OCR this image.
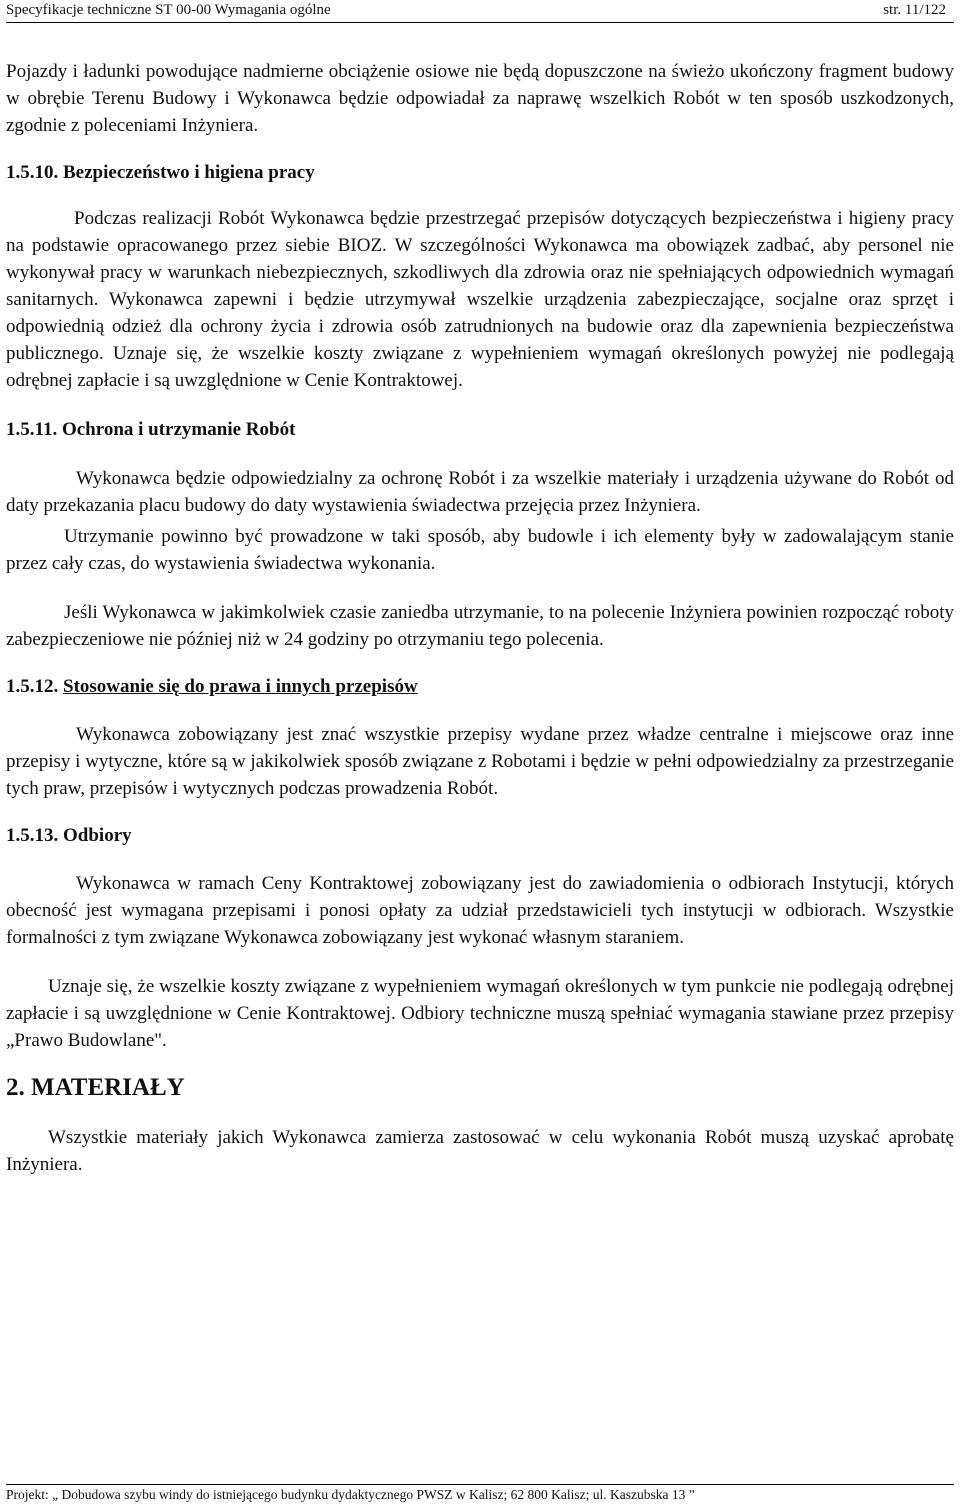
Specyfikacje techniczne ST 00-00 Wymagania ogólne	str. 11/122

Pojazdy i ładunki powodujące nadmierne obciążenie osiowe nie będą dopuszczone na świeżo ukończony fragment budowy w obrębie Terenu Budowy i Wykonawca będzie odpowiadał za naprawę wszelkich Robót w ten sposób uszkodzonych, zgodnie z poleceniami Inżyniera.

1.5.10. Bezpieczeństwo i higiena pracy

Podczas realizacji Robót Wykonawca będzie przestrzegać przepisów dotyczących bezpieczeństwa i higieny pracy na podstawie opracowanego przez siebie BIOZ. W szczególności Wykonawca ma obowiązek zadbać, aby personel nie wykonywał pracy w warunkach niebezpiecznych, szkodliwych dla zdrowia oraz nie spełniających odpowiednich wymagań sanitarnych. Wykonawca zapewni i będzie utrzymywał wszelkie urządzenia zabezpieczające, socjalne oraz sprzęt i odpowiednią odzież dla ochrony życia i zdrowia osób zatrudnionych na budowie oraz dla zapewnienia bezpieczeństwa publicznego. Uznaje się, że wszelkie koszty związane z wypełnieniem wymagań określonych powyżej nie podlegają odrębnej zapłacie i są uwzględnione w Cenie Kontraktowej.

1.5.11. Ochrona i utrzymanie Robót

Wykonawca będzie odpowiedzialny za ochronę Robót i za wszelkie materiały i urządzenia używane do Robót od daty przekazania placu budowy do daty wystawienia świadectwa przejęcia przez Inżyniera.

Utrzymanie powinno być prowadzone w taki sposób, aby budowle i ich elementy były w zadowalającym stanie przez cały czas, do wystawienia świadectwa wykonania.

Jeśli Wykonawca w jakimkolwiek czasie zaniedba utrzymanie, to na polecenie Inżyniera powinien rozpocząć roboty zabezpieczeniowe nie później niż w 24 godziny po otrzymaniu tego polecenia.

1.5.12. Stosowanie się do prawa i innych przepisów

Wykonawca zobowiązany jest znać wszystkie przepisy wydane przez władze centralne i miejscowe oraz inne przepisy i wytyczne, które są w jakikolwiek sposób związane z Robotami i będzie w pełni odpowiedzialny za przestrzeganie tych praw, przepisów i wytycznych podczas prowadzenia Robót.

1.5.13. Odbiory

Wykonawca w ramach Ceny Kontraktowej zobowiązany jest do zawiadomienia o odbiorach Instytucji, których obecność jest wymagana przepisami i ponosi opłaty za udział przedstawicieli tych instytucji w odbiorach. Wszystkie formalności z tym związane Wykonawca zobowiązany jest wykonać własnym staraniem.

Uznaje się, że wszelkie koszty związane z wypełnieniem wymagań określonych w tym punkcie nie podlegają odrębnej zapłacie i są uwzględnione w Cenie Kontraktowej. Odbiory techniczne muszą spełniać wymagania stawiane przez przepisy „Prawo Budowlane".

2. MATERIAŁY

Wszystkie materiały jakich Wykonawca zamierza zastosować w celu wykonania Robót muszą uzyskać aprobatę Inżyniera.

Projekt: „ Dobudowa szybu windy do istniejącego budynku dydaktycznego PWSZ w Kalisz; 62 800 Kalisz; ul. Kaszubska 13 ”
